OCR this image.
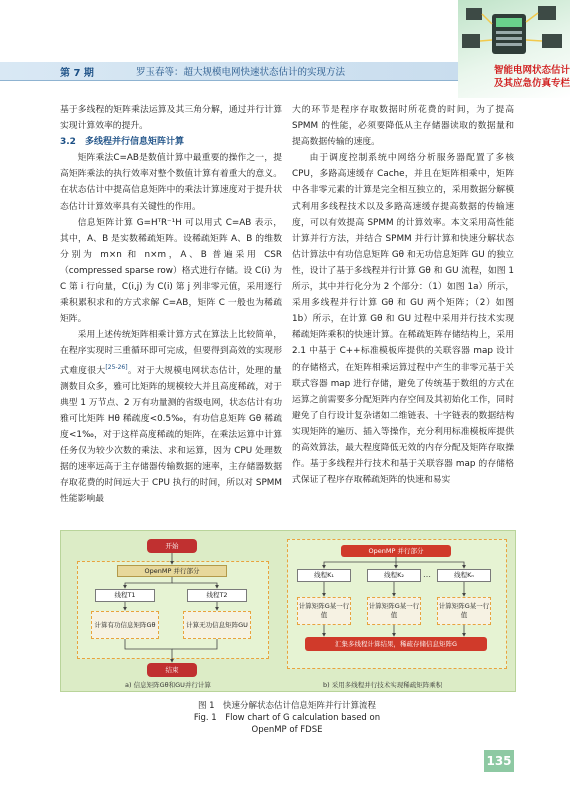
第 7 期	罗玉春等：超大规模电网快速状态估计的实现方法	智能电网状态估计
及其应急仿真专栏

基于多线程的矩阵乘法运算及其三角分解，通过并行计算实现计算效率的提升。

3.2　多线程并行信息矩阵计算

矩阵乘法C=AB是数值计算中最重要的操作之一，提高矩阵乘法的执行效率对整个数值计算有着重大的意义。在状态估计中提高信息矩阵中的乘法计算速度对于提升状态估计计算效率具有关键性的作用。

信息矩阵计算 G=HᵀR⁻¹H 可以用式 C=AB 表示，其中，A、B 是实数稀疏矩阵。设稀疏矩阵 A、B 的维数分别为 m×n 和 n×m，A、B 普遍采用 CSR（compressed sparse row）格式进行存储。设 C(i) 为 C 第 i 行向量，C(i,j) 为 C(i) 第 j 列非零元值，采用逐行乘积累积求和的方式求解 C=AB，矩阵 C 一般也为稀疏矩阵。

采用上述传统矩阵相乘计算方式在算法上比较简单，在程序实现时三重循环即可完成，但要得到高效的实现形式难度很大[25-26]。对于大规模电网状态估计，处理的量测数目众多，雅可比矩阵的规模较大并且高度稀疏，对于典型 1 万节点、2 万有功量测的省级电网，状态估计有功雅可比矩阵 Hθ 稀疏度<0.5‰，有功信息矩阵 Gθ 稀疏度<1‰，对于这样高度稀疏的矩阵，在乘法运算中计算任务仅为较少次数的乘法、求和运算，因为 CPU 处理数据的速率远高于主存储器传输数据的速率，主存储器数据存取花费的时间远大于 CPU 执行的时间，所以对 SPMM 性能影响最

大的环节是程序存取数据时所花费的时间，为了提高 SPMM 的性能，必须要降低从主存储器读取的数据量和提高数据传输的速度。

由于调度控制系统中网络分析服务器配置了多核 CPU，多路高速缓存 Cache，并且在矩阵相乘中，矩阵中各非零元素的计算是完全相互独立的，采用数据分解模式利用多线程技术以及多路高速缓存提高数据的传输速度，可以有效提高 SPMM 的计算效率。本文采用高性能计算并行方法，并结合 SPMM 并行计算和快速分解状态估计算法中有功信息矩阵 Gθ 和无功信息矩阵 GU 的独立性，设计了基于多线程并行计算 Gθ 和 GU 流程，如图 1 所示，其中并行化分为 2 个部分：（1）如图 1a）所示，采用多线程并行计算 Gθ 和 GU 两个矩阵；（2）如图 1b）所示，在计算 Gθ 和 GU 过程中采用并行技术实现稀疏矩阵乘积的快速计算。在稀疏矩阵存储结构上，采用 2.1 中基于 C++标准模板库提供的关联容器 map 设计的存储格式，在矩阵相乘运算过程中产生的非零元基于关联式容器 map 进行存储，避免了传统基于数组的方式在运算之前需要多分配矩阵内存空间及其初始化工作，同时避免了自行设计复杂诸如二维链表、十字链表的数据结构实现矩阵的遍历、插入等操作，充分利用标准模板库提供的高效算法，最大程度降低无效的内存分配及矩阵存取操作。基于多线程并行技术和基于关联容器 map 的存储格式保证了程序存取稀疏矩阵的快速和易实

开始
OpenMP 并行部分
线程T1	线程T2
计算有功信息矩阵Gθ	计算无功信息矩阵GU
结束
a) 信息矩阵Gθ和GU并行计算
OpenMP 并行部分
线程K₁	线程K₂	线程Kₙ
计算矩阵G某一行值
计算矩阵G某一行值
计算矩阵G某一行值
汇集多线程计算结果，稀疏存储信息矩阵G
b) 采用多线程并行技术实现稀疏矩阵乘积
…
图 1　快速分解状态估计信息矩阵并行计算流程
Fig. 1　Flow chart of G calculation based on
OpenMP of FDSE
135
